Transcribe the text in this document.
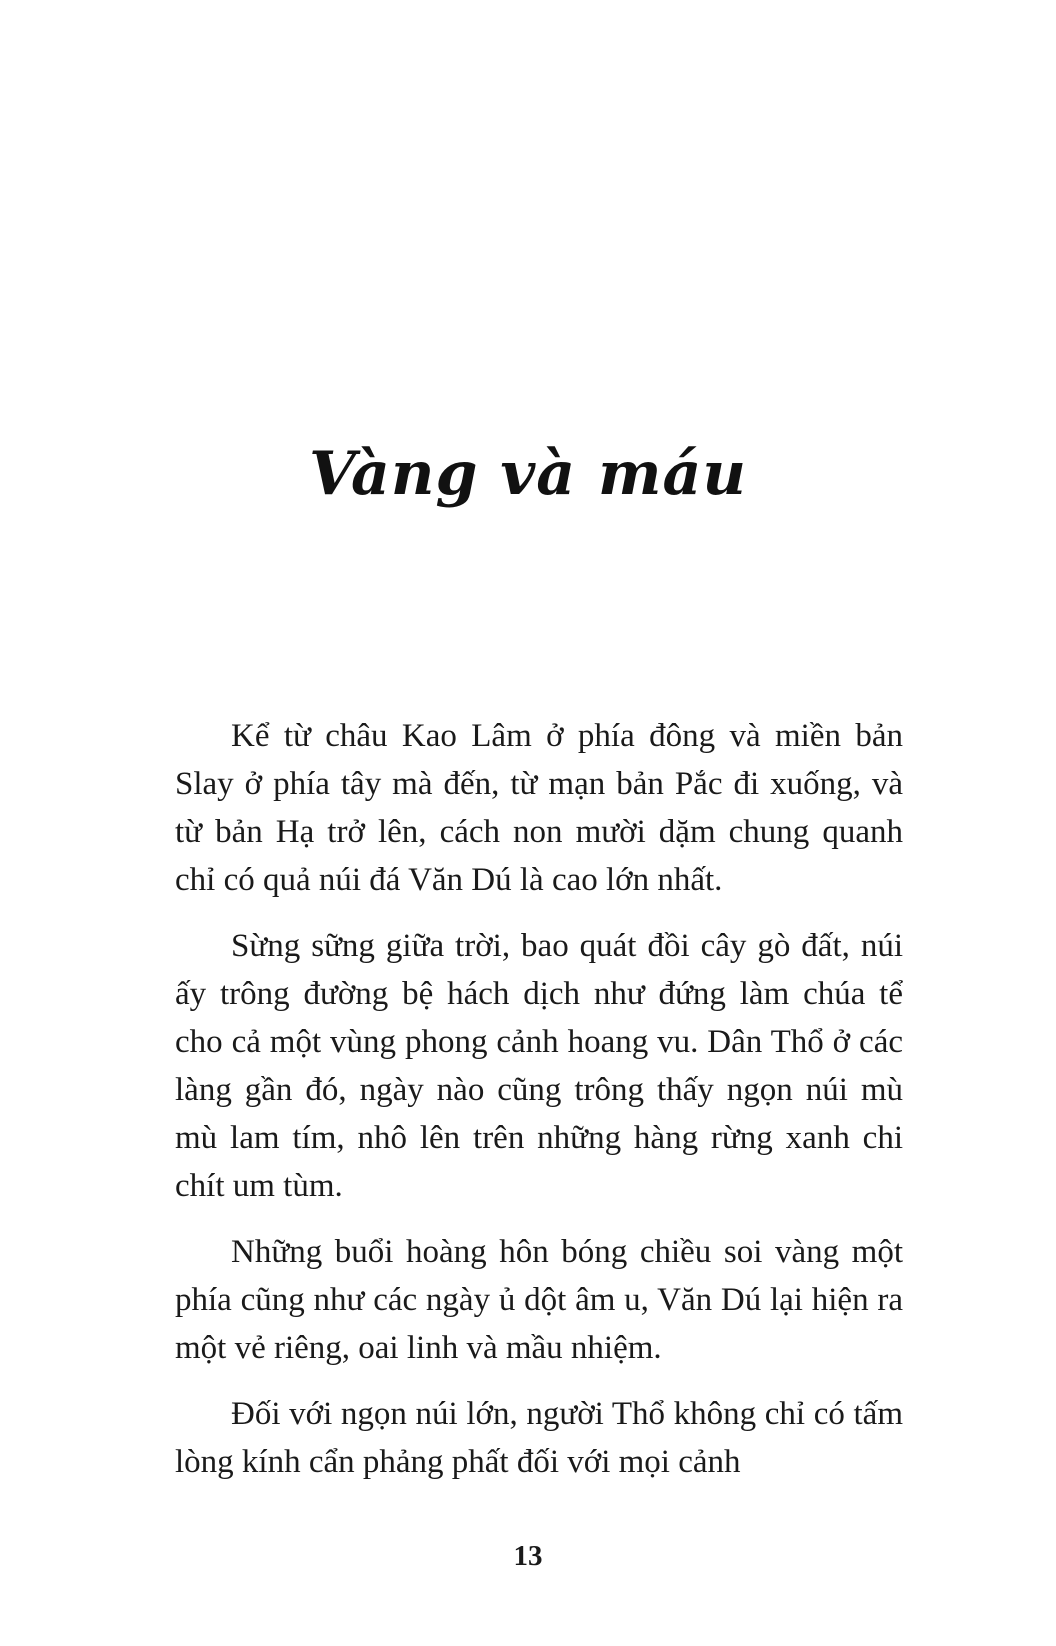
Vàng và máu

Kể từ châu Kao Lâm ở phía đông và miền bản Slay ở phía tây mà đến, từ mạn bản Pắc đi xuống, và từ bản Hạ trở lên, cách non mười dặm chung quanh chỉ có quả núi đá Văn Dú là cao lớn nhất.

Sừng sững giữa trời, bao quát đồi cây gò đất, núi ấy trông đường bệ hách dịch như đứng làm chúa tể cho cả một vùng phong cảnh hoang vu. Dân Thổ ở các làng gần đó, ngày nào cũng trông thấy ngọn núi mù mù lam tím, nhô lên trên những hàng rừng xanh chi chít um tùm.

Những buổi hoàng hôn bóng chiều soi vàng một phía cũng như các ngày ủ dột âm u, Văn Dú lại hiện ra một vẻ riêng, oai linh và mầu nhiệm.

Đối với ngọn núi lớn, người Thổ không chỉ có tấm lòng kính cẩn phảng phất đối với mọi cảnh

13
